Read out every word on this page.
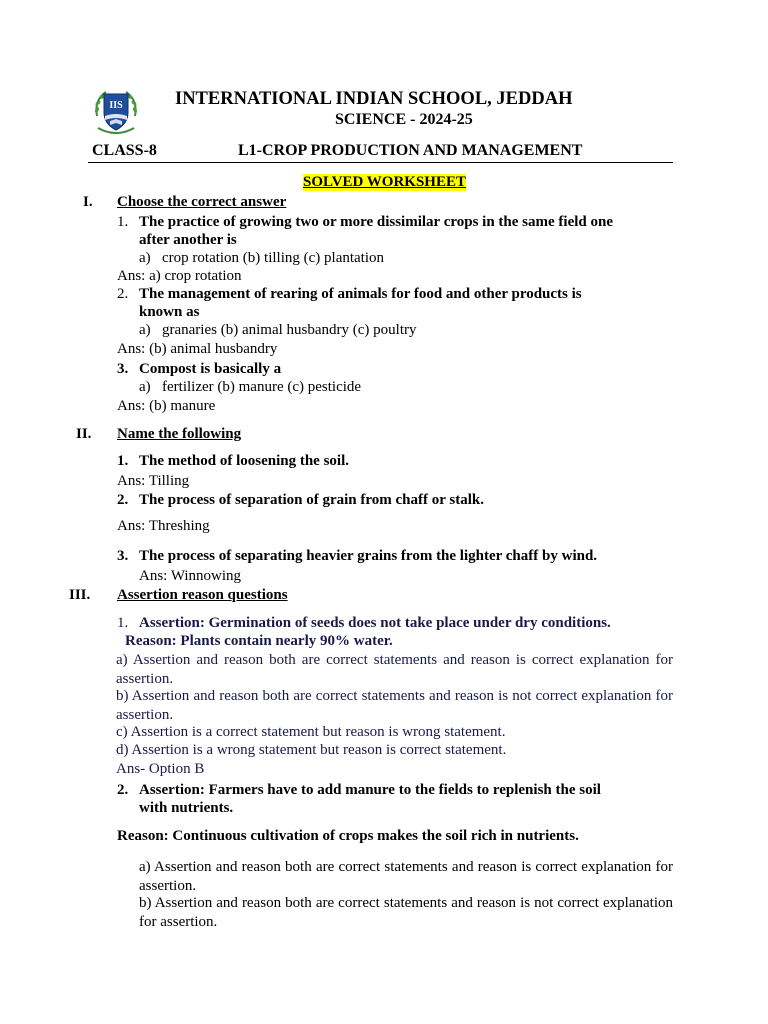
IIS	INTERNATIONAL INDIAN SCHOOL, JEDDAH
SCIENCE - 2024-25
CLASS-8	L1-CROP PRODUCTION AND MANAGEMENT
SOLVED WORKSHEET
I. Choose the correct answer
1. The practice of growing two or more dissimilar crops in the same field one
after another is
a) crop rotation (b) tilling (c) plantation
Ans: a) crop rotation
2. The management of rearing of animals for food and other products is
known as
a) granaries (b) animal husbandry (c) poultry
Ans: (b) animal husbandry
3. Compost is basically a
a) fertilizer (b) manure (c) pesticide
Ans: (b) manure
II. Name the following
1. The method of loosening the soil.
Ans: Tilling
2. The process of separation of grain from chaff or stalk.
Ans: Threshing
3. The process of separating heavier grains from the lighter chaff by wind.
Ans: Winnowing
III. Assertion reason questions
1. Assertion: Germination of seeds does not take place under dry conditions.
Reason: Plants contain nearly 90% water.
a) Assertion and reason both are correct statements and reason is correct explanation for assertion.
b) Assertion and reason both are correct statements and reason is not correct explanation for assertion.
c) Assertion is a correct statement but reason is wrong statement.
d) Assertion is a wrong statement but reason is correct statement.
Ans- Option B
2. Assertion: Farmers have to add manure to the fields to replenish the soil
with nutrients.
Reason: Continuous cultivation of crops makes the soil rich in nutrients.
a) Assertion and reason both are correct statements and reason is correct explanation for assertion.
b) Assertion and reason both are correct statements and reason is not correct explanation for assertion.
